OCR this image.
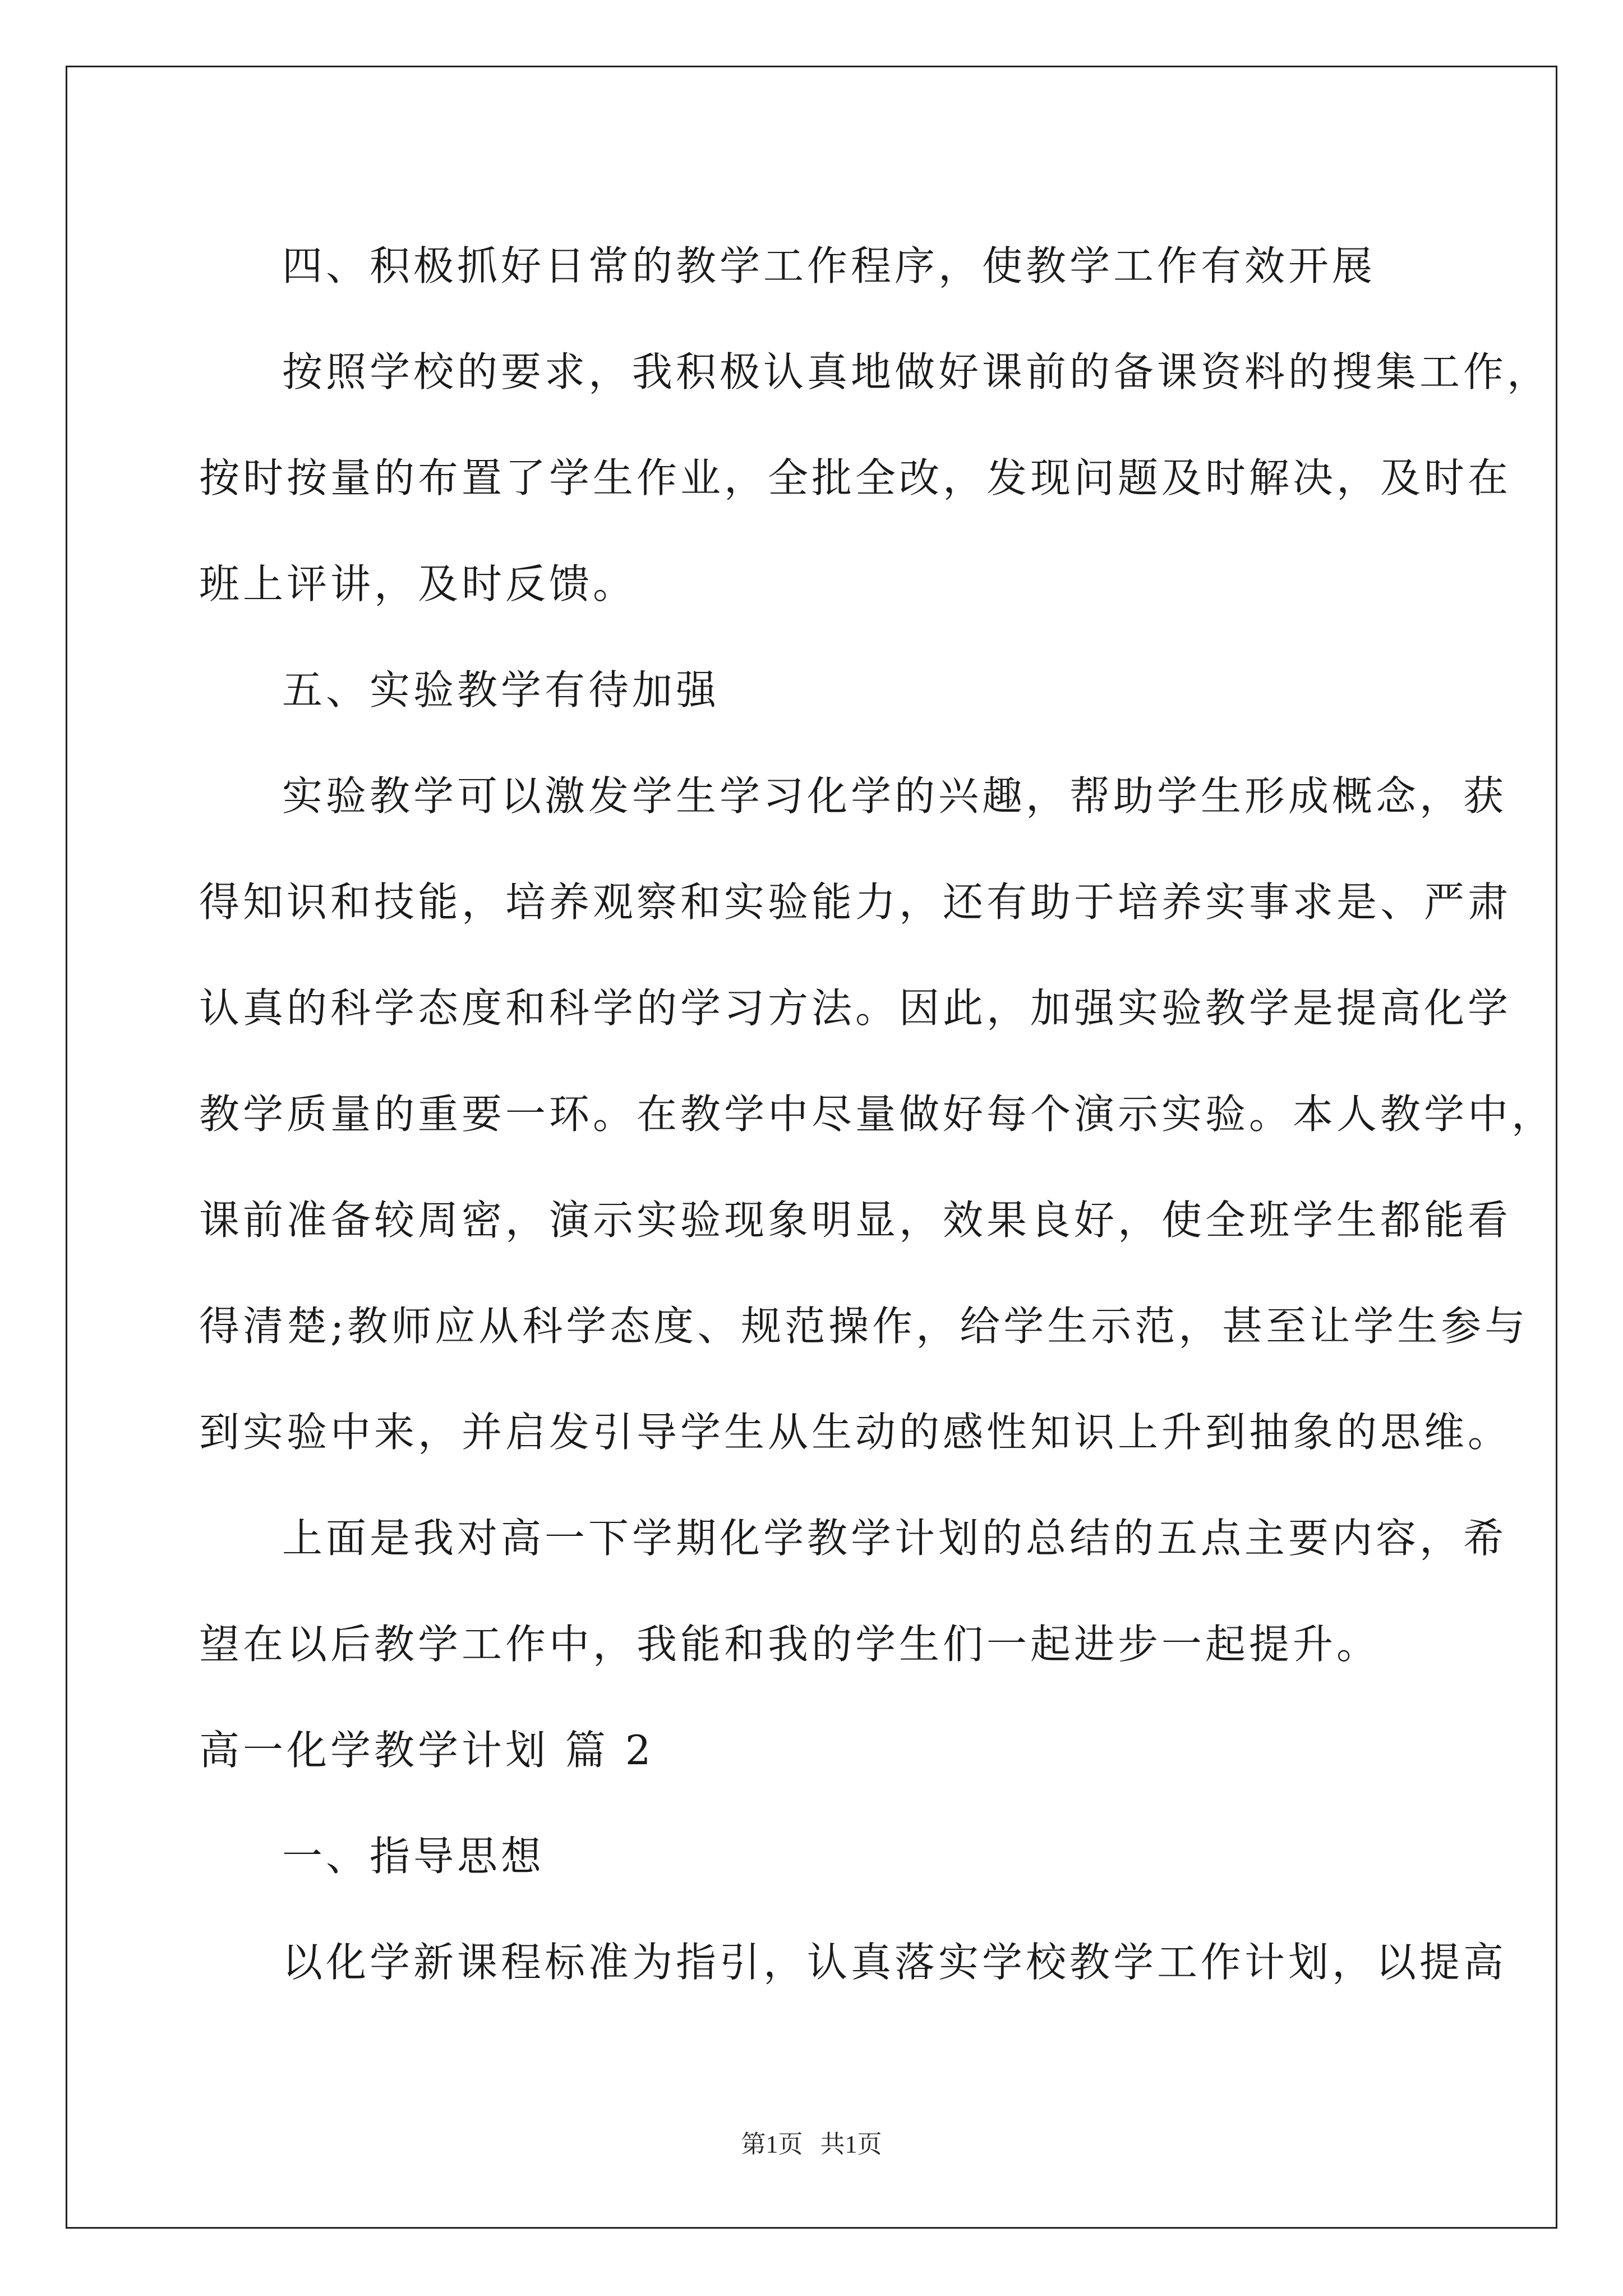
四、积极抓好日常的教学工作程序，使教学工作有效开展
按照学校的要求，我积极认真地做好课前的备课资料的搜集工作，
按时按量的布置了学生作业，全批全改，发现问题及时解决，及时在
班上评讲，及时反馈。
五、实验教学有待加强
实验教学可以激发学生学习化学的兴趣，帮助学生形成概念，获
得知识和技能，培养观察和实验能力，还有助于培养实事求是、严肃
认真的科学态度和科学的学习方法。因此，加强实验教学是提高化学
教学质量的重要一环。在教学中尽量做好每个演示实验。本人教学中，
课前准备较周密，演示实验现象明显，效果良好，使全班学生都能看
得清楚;教师应从科学态度、规范操作，给学生示范，甚至让学生参与
到实验中来，并启发引导学生从生动的感性知识上升到抽象的思维。
上面是我对高一下学期化学教学计划的总结的五点主要内容，希
望在以后教学工作中，我能和我的学生们一起进步一起提升。
高一化学教学计划 篇 2
一、指导思想
以化学新课程标准为指引，认真落实学校教学工作计划，以提高
第1页 共1页
